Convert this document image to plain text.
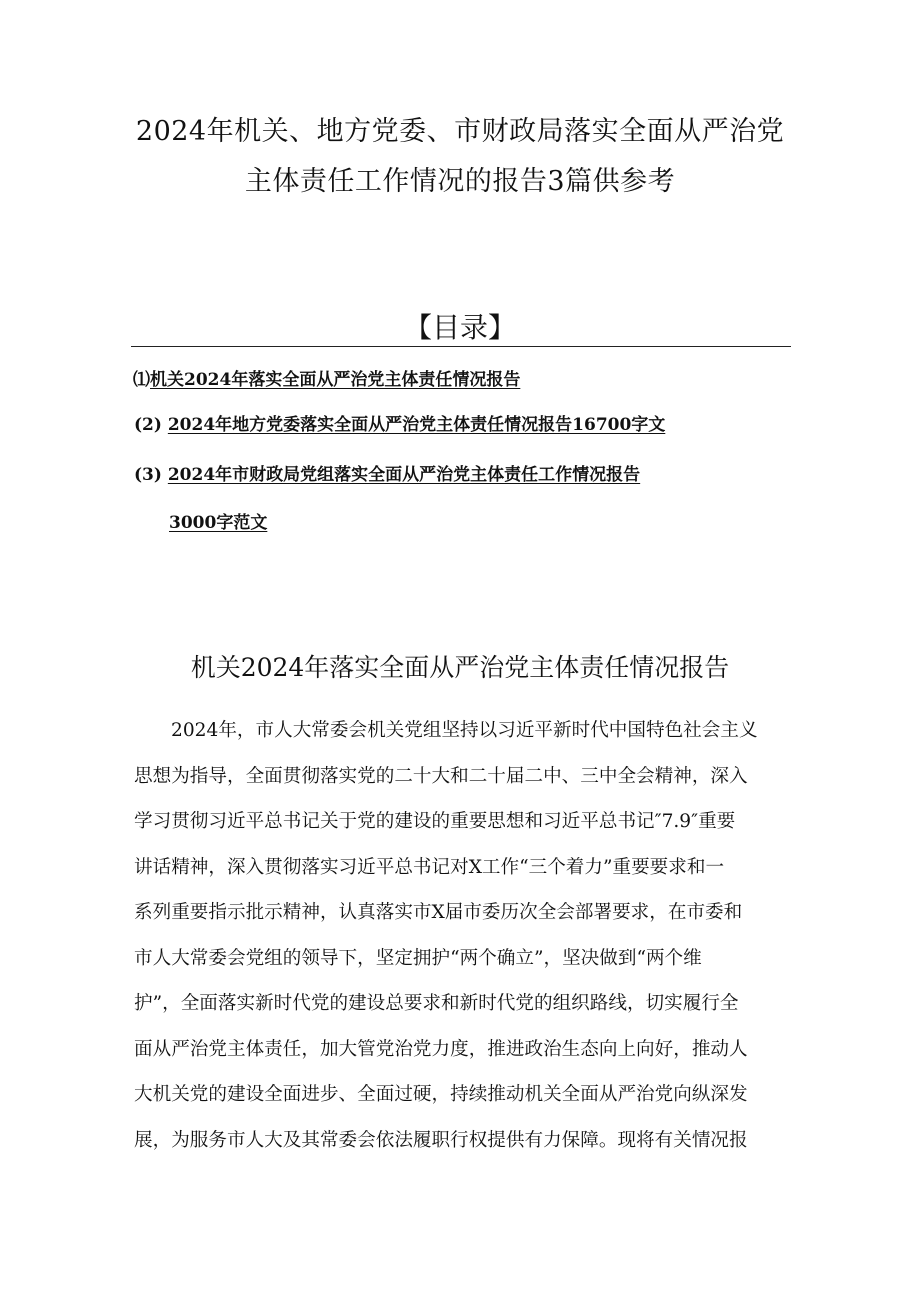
2024年机关、地方党委、市财政局落实全面从严治党
主体责任工作情况的报告3篇供参考
【目录】
⑴机关2024年落实全面从严治党主体责任情况报告
(2) 2024年地方党委落实全面从严治党主体责任情况报告16700字文
(3) 2024年市财政局党组落实全面从严治党主体责任工作情况报告
3000字范文
机关2024年落实全面从严治党主体责任情况报告
2024年，市人大常委会机关党组坚持以习近平新时代中国特色社会主义
思想为指导，全面贯彻落实党的二十大和二十届二中、三中全会精神，深入
学习贯彻习近平总书记关于党的建设的重要思想和习近平总书记″7.9″重要
讲话精神，深入贯彻落实习近平总书记对X工作“三个着力”重要要求和一
系列重要指示批示精神，认真落实市X届市委历次全会部署要求，在市委和
市人大常委会党组的领导下，坚定拥护“两个确立”，坚决做到“两个维
护”，全面落实新时代党的建设总要求和新时代党的组织路线，切实履行全
面从严治党主体责任，加大管党治党力度，推进政治生态向上向好，推动人
大机关党的建设全面进步、全面过硬，持续推动机关全面从严治党向纵深发
展，为服务市人大及其常委会依法履职行权提供有力保障。现将有关情况报
